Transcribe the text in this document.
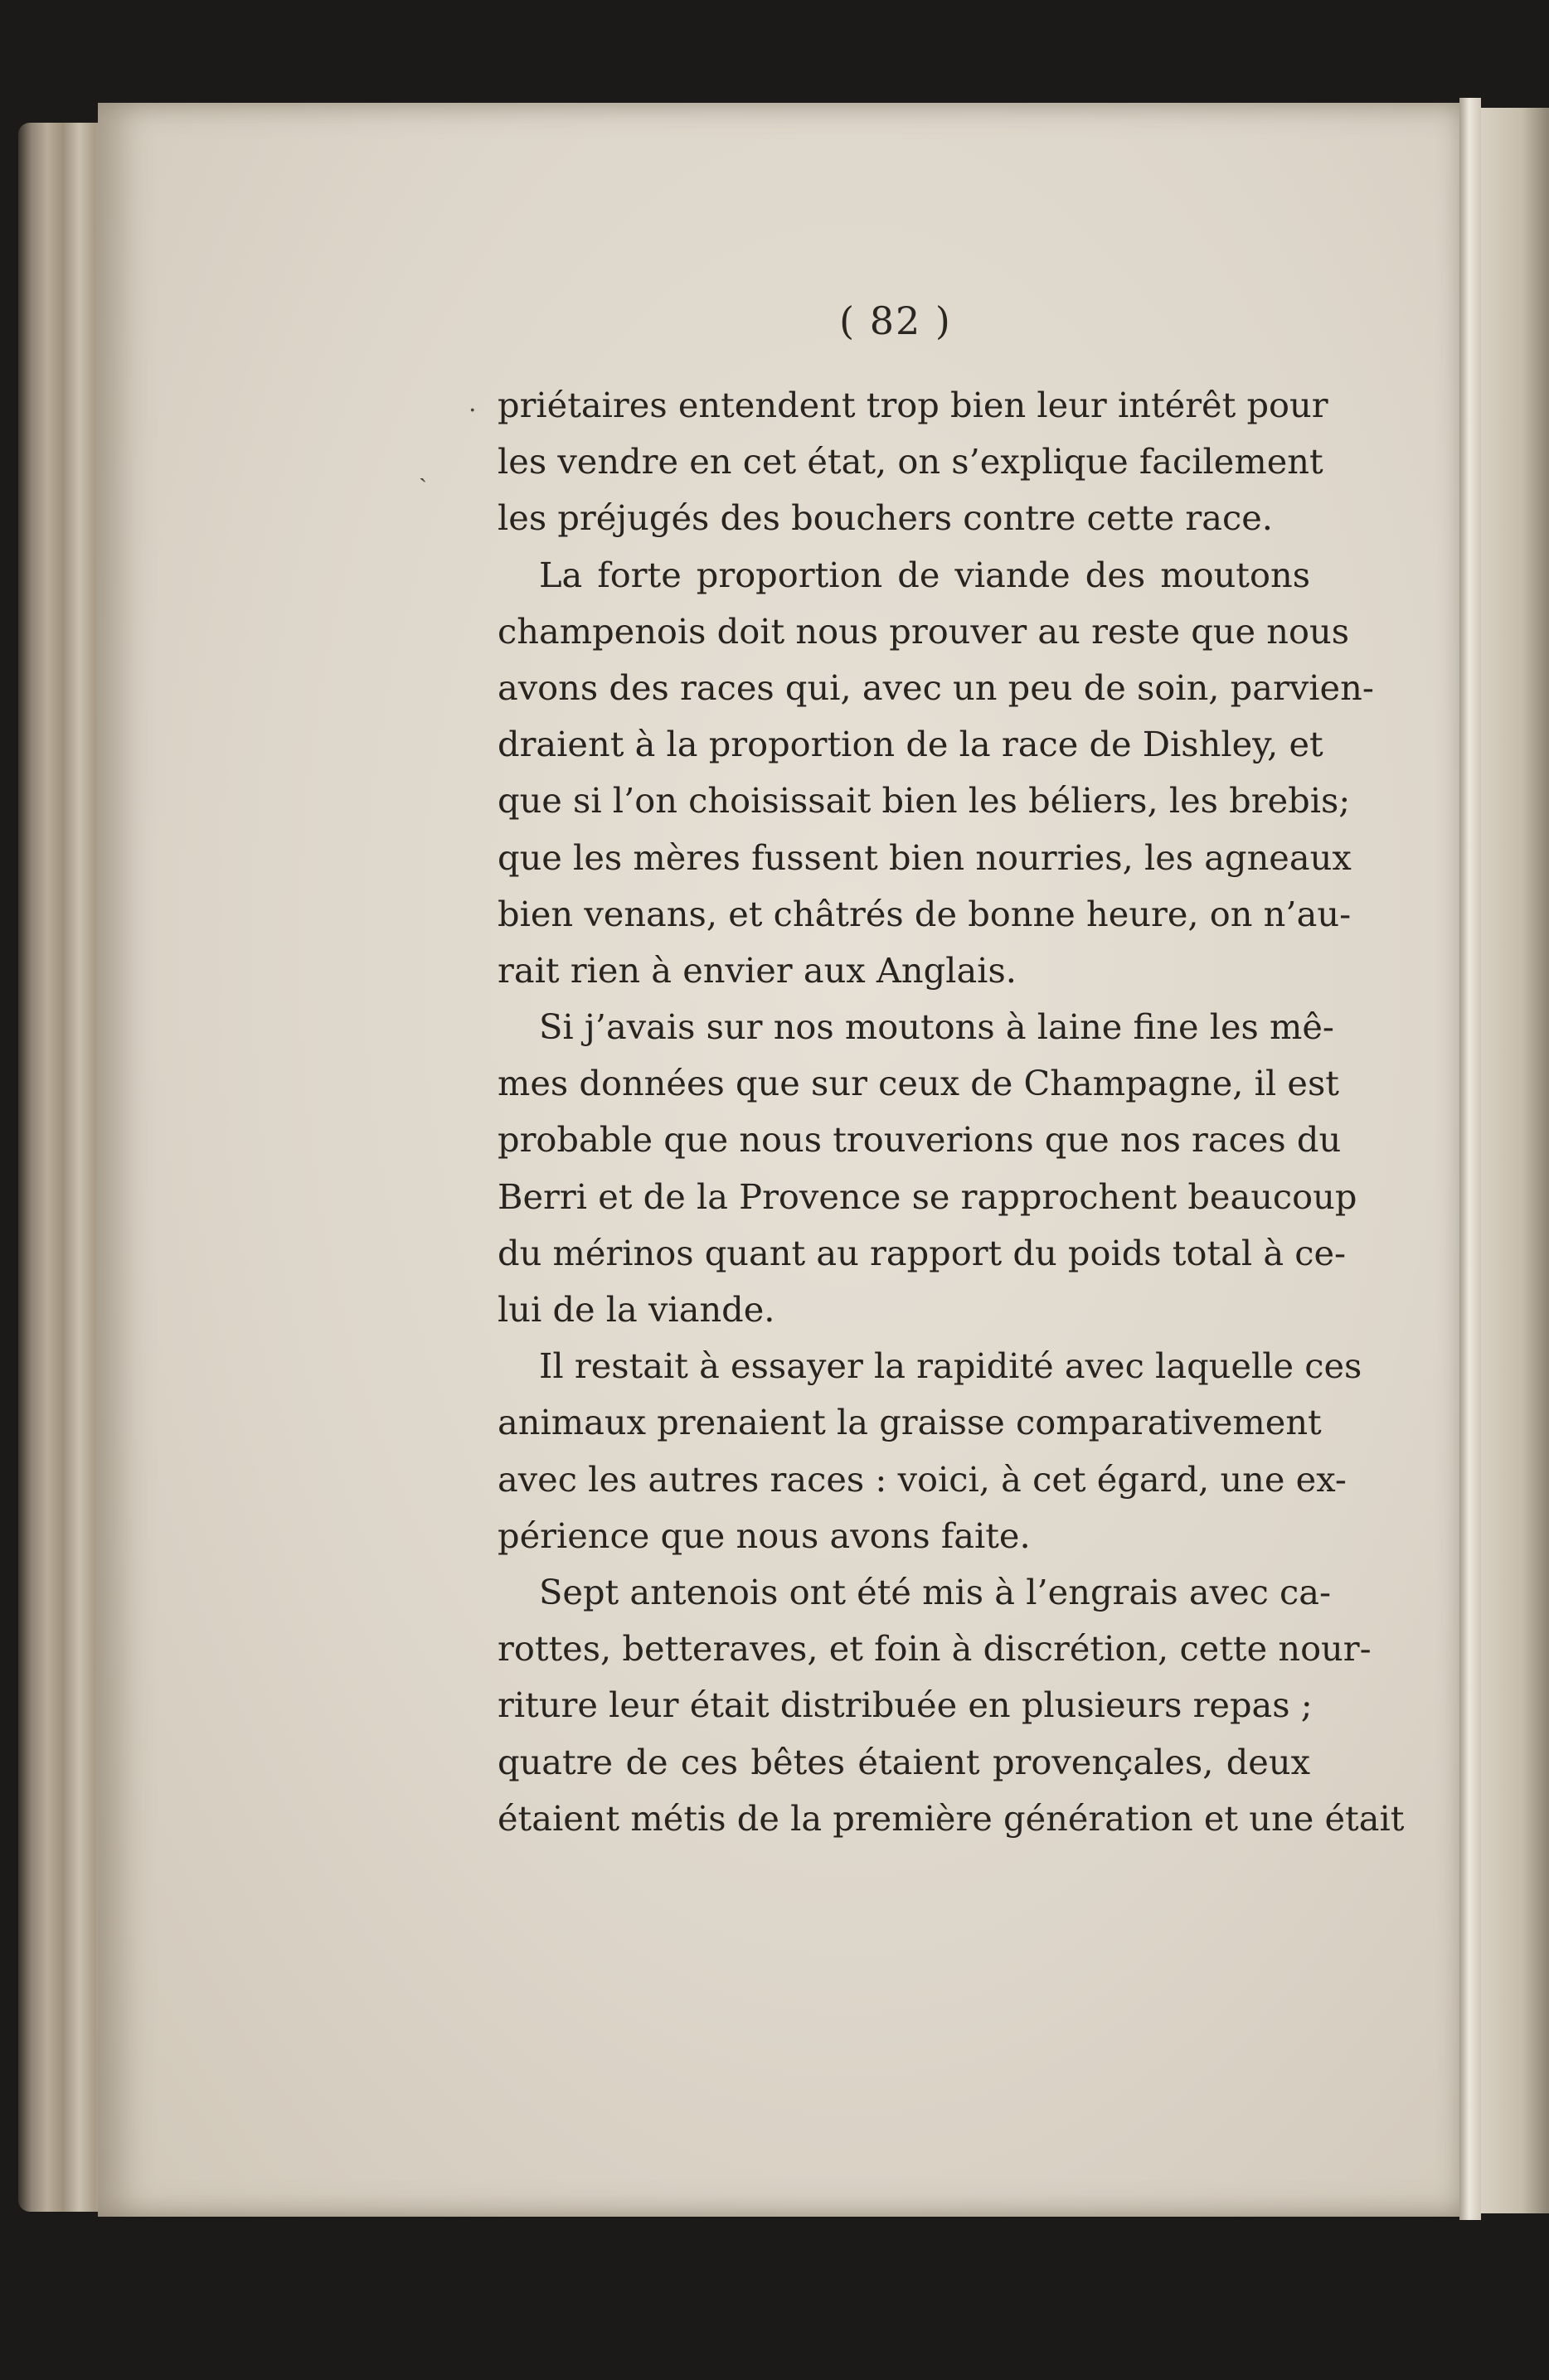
·
ˎ
( 82 )
priétaires entendent trop bien leur intérêt pour
les vendre en cet état, on s’explique facilement
les préjugés des bouchers contre cette race.
La forte proportion de viande des moutons
champenois doit nous prouver au reste que nous
avons des races qui, avec un peu de soin, parvien-
draient à la proportion de la race de Dishley, et
que si l’on choisissait bien les béliers, les brebis;
que les mères fussent bien nourries, les agneaux
bien venans, et châtrés de bonne heure, on n’au-
rait rien à envier aux Anglais.
Si j’avais sur nos moutons à laine fine les mê-
mes données que sur ceux de Champagne, il est
probable que nous trouverions que nos races du
Berri et de la Provence se rapprochent beaucoup
du mérinos quant au rapport du poids total à ce-
lui de la viande.
Il restait à essayer la rapidité avec laquelle ces
animaux prenaient la graisse comparativement
avec les autres races : voici, à cet égard, une ex-
périence que nous avons faite.
Sept antenois ont été mis à l’engrais avec ca-
rottes, betteraves, et foin à discrétion, cette nour-
riture leur était distribuée en plusieurs repas ;
quatre de ces bêtes étaient provençales, deux
étaient métis de la première génération et une était
